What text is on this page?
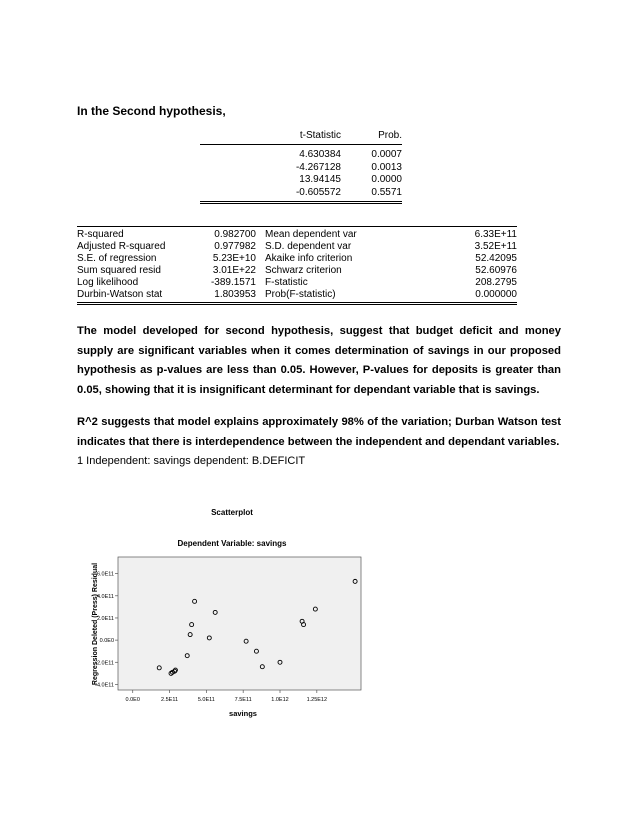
In the Second hypothesis,
t-Statistic	Prob.
4.630384	0.0007
-4.267128	0.0013
13.94145	0.0000
-0.605572	0.5571
R-squared	0.982700 Mean dependent var	6.33E+11
Adjusted R-squared	0.977982 S.D. dependent var	3.52E+11
S.E. of regression	5.23E+10 Akaike info criterion	52.42095
Sum squared resid	3.01E+22 Schwarz criterion	52.60976
Log likelihood	-389.1571 F-statistic	208.2795
Durbin-Watson stat	1.803953 Prob(F-statistic)	0.000000
The model developed for second hypothesis, suggest that budget deficit and money supply are significant variables when it comes determination of savings in our proposed hypothesis as p-values are less than 0.05. However, P-values for deposits is greater than 0.05, showing that it is insignificant determinant for dependant variable that is savings.
R^2 suggests that model explains approximately 98% of the variation; Durban Watson test indicates that there is interdependence between the independent and dependant variables.
1 Independent: savings dependent: B.DEFICIT
Scatterplot
Dependent Variable: savings
-4.0E11
-2.0E11
0.0E0
2.0E11
4.0E11
6.0E11
0.0E0	2.5E11	5.0E11	7.5E11	1.0E12	1.25E12
savings
Regression Deleted (Press) Residual
